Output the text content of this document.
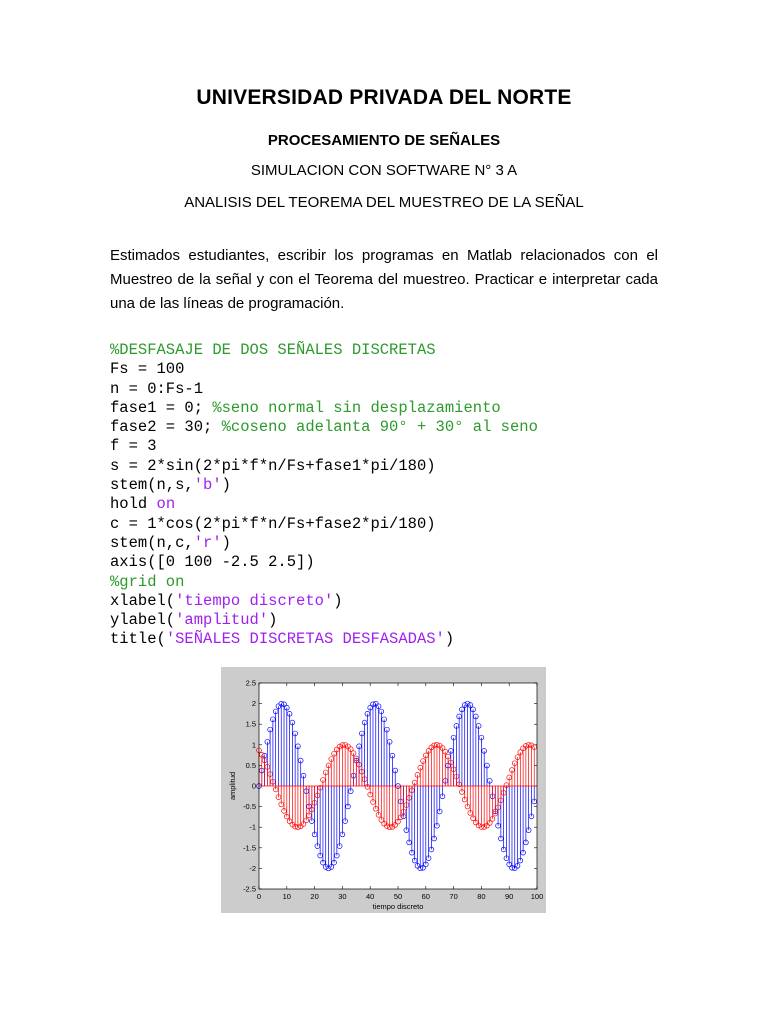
UNIVERSIDAD PRIVADA DEL NORTE
PROCESAMIENTO DE SEÑALES
SIMULACION CON SOFTWARE N° 3 A
ANALISIS DEL TEOREMA DEL MUESTREO DE LA SEÑAL
Estimados estudiantes, escribir los programas en Matlab relacionados con el Muestreo de la señal y con el Teorema del muestreo. Practicar e interpretar cada una de las líneas de programación.
%DESFASAJE DE DOS SEÑALES DISCRETAS
Fs = 100
n = 0:Fs-1
fase1 = 0; %seno normal sin desplazamiento
fase2 = 30; %coseno adelanta 90° + 30° al seno
f = 3
s = 2*sin(2*pi*f*n/Fs+fase1*pi/180)
stem(n,s,'b')
hold on
c = 1*cos(2*pi*f*n/Fs+fase2*pi/180)
stem(n,c,'r')
axis([0 100 -2.5 2.5])
%grid on
xlabel('tiempo discreto')
ylabel('amplitud')
title('SEÑALES DISCRETAS DESFASADAS')
0	10	20	30	40	50	60	70	80	90 100
-2.5
-2
-1.5
-1
-0.5
0
0.5
1
1.5
2
2.5
tiempo discreto
amplitud
